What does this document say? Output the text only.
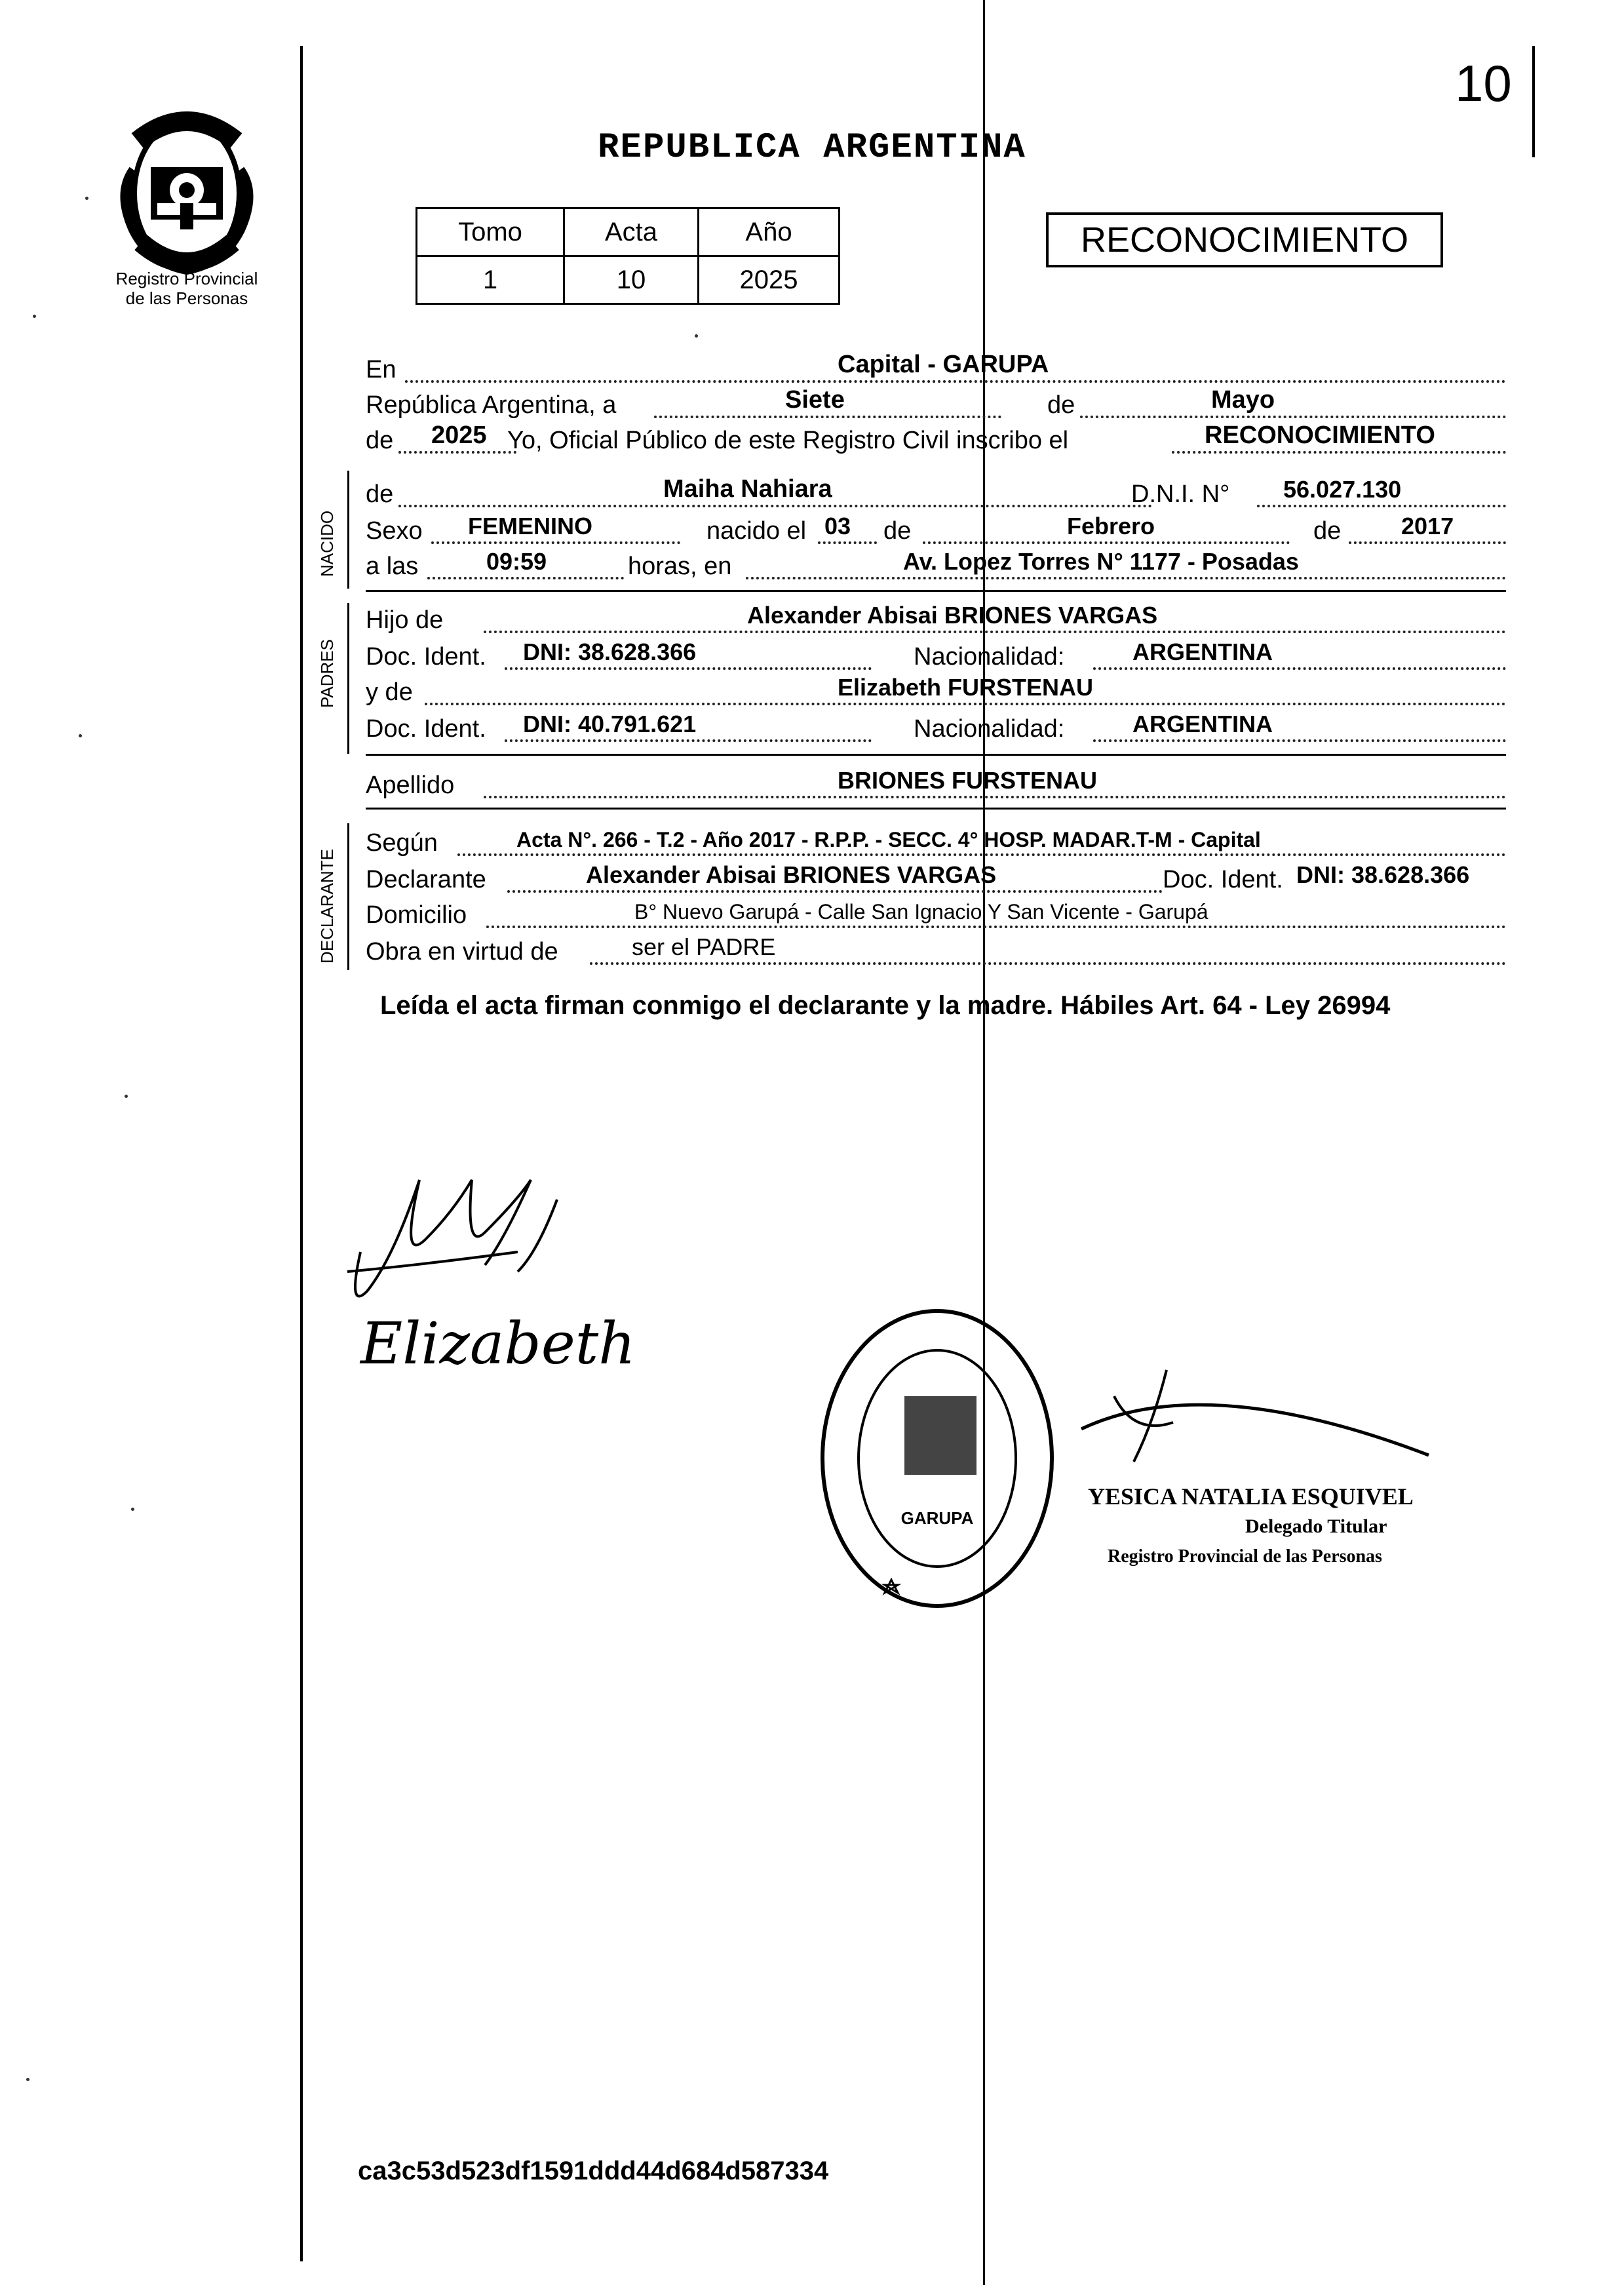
10
Registro Provincial
de las Personas
REPUBLICA ARGENTINA
Tomo	Acta	Año
1	10	2025
RECONOCIMIENTO
En	Capital - GARUPA
República Argentina, a	Siete	de	Mayo
de 2025 Yo, Oficial Público de este Registro Civil inscribo el	RECONOCIMIENTO
NACIDO
de	Maiha Nahiara	D.N.I. N° 56.027.130
Sexo FEMENINO	nacido el 03 de	Febrero	de	2017
a las	09:59	horas, en	Av. Lopez Torres N° 1177 - Posadas
PADRES
Hijo de	Alexander Abisai BRIONES VARGAS
Doc. Ident. DNI: 38.628.366	Nacionalidad:	ARGENTINA
y de	Elizabeth FURSTENAU
Doc. Ident. DNI: 40.791.621	Nacionalidad:	ARGENTINA
Apellido	BRIONES FURSTENAU
DECLARANTE
Según	Acta N°. 266 - T.2 - Año 2017 - R.P.P. - SECC. 4° HOSP. MADAR.T-M - Capital
Declarante	Alexander Abisai BRIONES VARGAS	Doc. Ident. DNI: 38.628.366
Domicilio	B° Nuevo Garupá - Calle San Ignacio Y San Vicente - Garupá
Obra en virtud de	ser el PADRE
Leída el acta firman conmigo el declarante y la madre. Hábiles Art. 64 - Ley 26994
Elizabeth
GARUPA
YESICA NATALIA ESQUIVEL
Delegado Titular
Registro Provincial de las Personas
ca3c53d523df1591ddd44d684d587334
